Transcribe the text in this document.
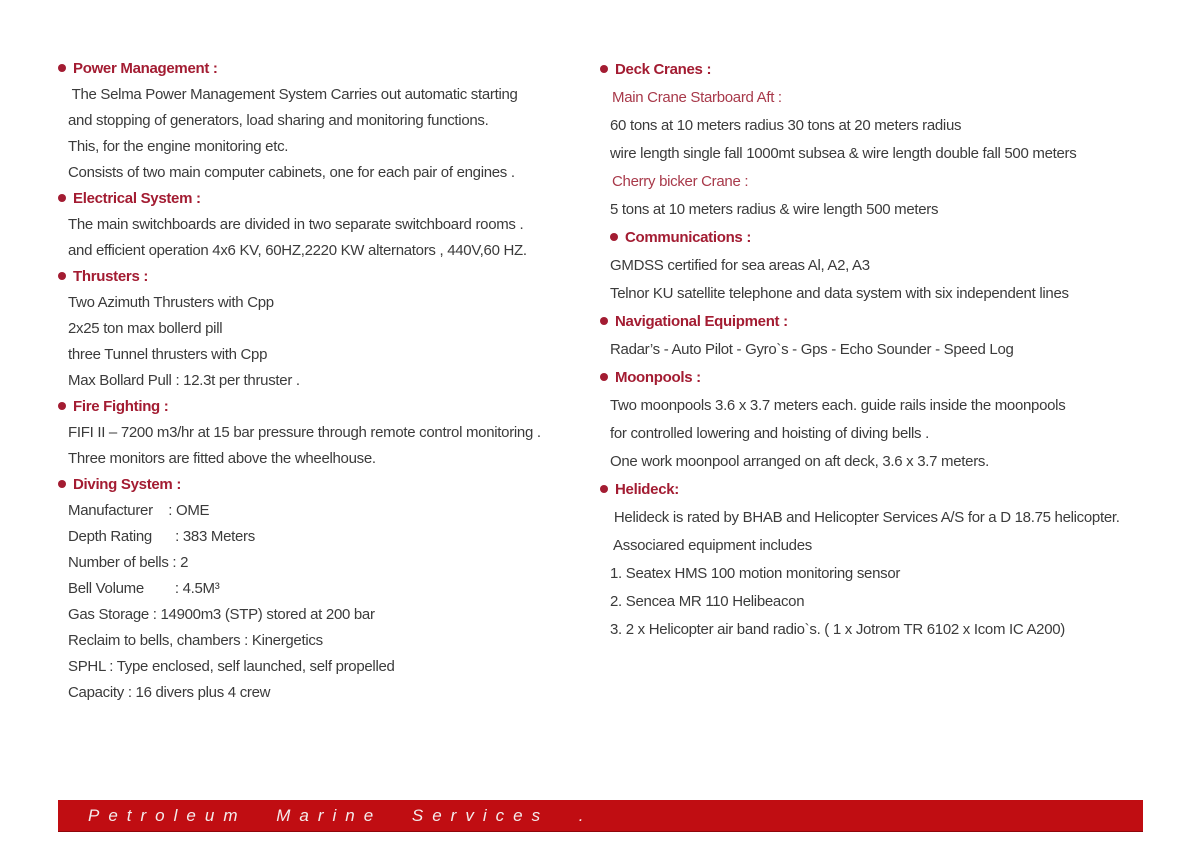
Power Management :
The Selma Power Management System Carries out automatic starting
and stopping of generators, load sharing and monitoring functions.
This, for the engine monitoring etc.
Consists of two main computer cabinets, one for each pair of engines .
Electrical System :
The main switchboards are divided in two separate switchboard rooms .
and efficient operation 4x6 KV, 60HZ,2220 KW alternators , 440V,60 HZ.
Thrusters :
Two Azimuth Thrusters with Cpp
2x25 ton max bollerd pill
three Tunnel thrusters with Cpp
Max Bollard Pull : 12.3t per thruster .
Fire Fighting :
FIFI II – 7200 m3/hr at 15 bar pressure through remote control monitoring .
Three monitors are fitted above the wheelhouse.
Diving System :
Manufacturer    : OME
Depth Rating      : 383 Meters
Number of bells : 2
Bell Volume        : 4.5M³
Gas Storage : 14900m3 (STP) stored at 200 bar
Reclaim to bells, chambers : Kinergetics
SPHL : Type enclosed, self launched, self propelled
Capacity : 16 divers plus 4 crew
Deck Cranes :
Main Crane Starboard Aft :
60 tons at 10 meters radius 30 tons at 20 meters radius
wire length single fall 1000mt subsea & wire length double fall 500 meters
Cherry bicker Crane :
5 tons at 10 meters radius & wire length 500 meters
Communications :
GMDSS certified for sea areas Al, A2, A3
Telnor KU satellite telephone and data system with six independent lines
Navigational Equipment :
Radar’s - Auto Pilot - Gyro`s - Gps - Echo Sounder - Speed Log
Moonpools :
Two moonpools 3.6 x 3.7 meters each. guide rails inside the moonpools
for controlled lowering and hoisting of diving bells .
One work moonpool arranged on aft deck, 3.6 x 3.7 meters.
Helideck:
Helideck is rated by BHAB and Helicopter Services A/S for a D 18.75 helicopter.
Associared equipment includes
1. Seatex HMS 100 motion monitoring sensor
2. Sencea MR 110 Helibeacon
3. 2 x Helicopter air band radio`s. ( 1 x Jotrom TR 6102 x Icom IC A200)
Petroleum Marine Services .
